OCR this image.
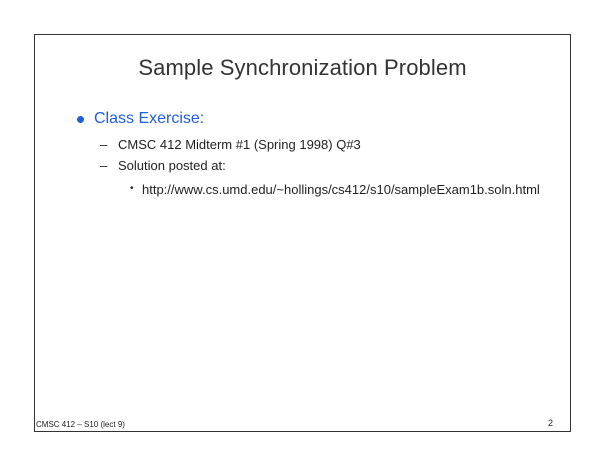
Sample Synchronization Problem
Class Exercise:
– CMSC 412 Midterm #1 (Spring 1998) Q#3
– Solution posted at:
• http://www.cs.umd.edu/~hollings/cs412/s10/sampleExam1b.soln.html
CMSC 412 – S10 (lect 9)	2
